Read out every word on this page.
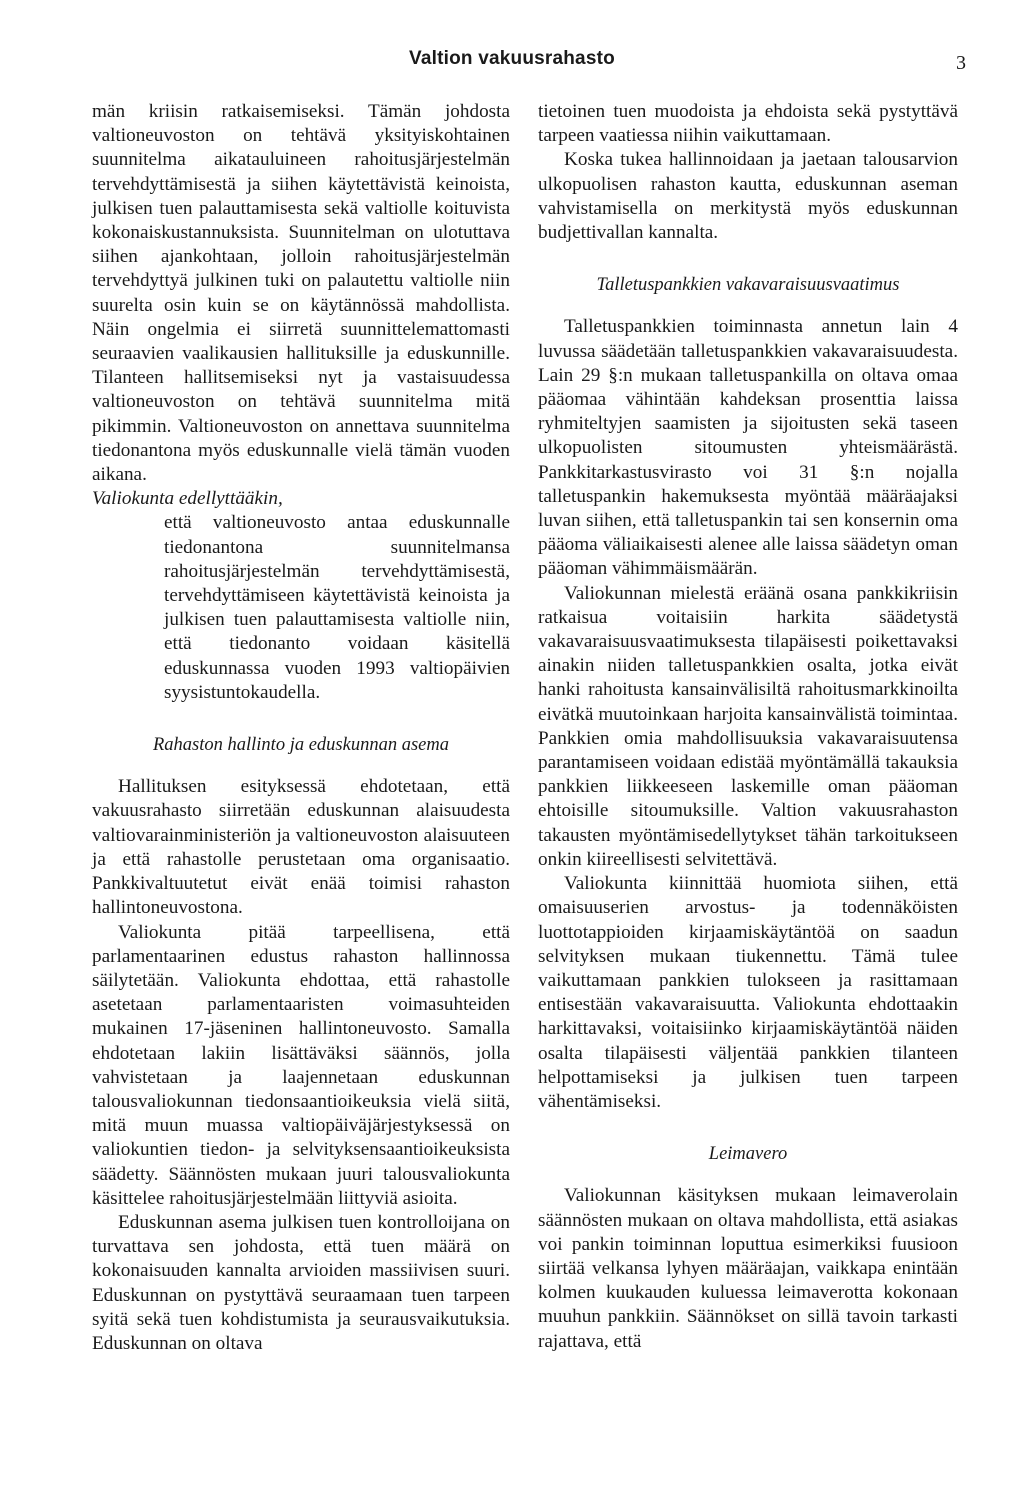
Valtion vakuusrahasto	3

män kriisin ratkaisemiseksi. Tämän johdosta valtioneuvoston on tehtävä yksityiskohtainen suunnitelma aikatauluineen rahoitusjärjestelmän tervehdyttämisestä ja siihen käytettävistä keinoista, julkisen tuen palauttamisesta sekä valtiolle koituvista kokonaiskustannuksista. Suunnitelman on ulotuttava siihen ajankohtaan, jolloin rahoitusjärjestelmän tervehdyttyä julkinen tuki on palautettu valtiolle niin suurelta osin kuin se on käytännössä mahdollista. Näin ongelmia ei siirretä suunnittelemattomasti seuraavien vaalikausien hallituksille ja eduskunnille. Tilanteen hallitsemiseksi nyt ja vastaisuudessa valtioneuvoston on tehtävä suunnitelma mitä pikimmin. Valtioneuvoston on annettava suunnitelma tiedonantona myös eduskunnalle vielä tämän vuoden aikana.

Valiokunta edellyttääkin,

että valtioneuvosto antaa eduskunnalle tiedonantona suunnitelmansa rahoitusjärjestelmän tervehdyttämisestä, tervehdyttämiseen käytettävistä keinoista ja julkisen tuen palauttamisesta valtiolle niin, että tiedonanto voidaan käsitellä eduskunnassa vuoden 1993 valtiopäivien syysistuntokaudella.

Rahaston hallinto ja eduskunnan asema

Hallituksen esityksessä ehdotetaan, että vakuusrahasto siirretään eduskunnan alaisuudesta valtiovarainministeriön ja valtioneuvoston alaisuuteen ja että rahastolle perustetaan oma organisaatio. Pankkivaltuutetut eivät enää toimisi rahaston hallintoneuvostona.

Valiokunta pitää tarpeellisena, että parlamentaarinen edustus rahaston hallinnossa säilytetään. Valiokunta ehdottaa, että rahastolle asetetaan parlamentaaristen voimasuhteiden mukainen 17-jäseninen hallintoneuvosto. Samalla ehdotetaan lakiin lisättäväksi säännös, jolla vahvistetaan ja laajennetaan eduskunnan talousvaliokunnan tiedonsaantioikeuksia vielä siitä, mitä muun muassa valtiopäiväjärjestyksessä on valiokuntien tiedon- ja selvityksensaantioikeuksista säädetty. Säännösten mukaan juuri talousvaliokunta käsittelee rahoitusjärjestelmään liittyviä asioita.

Eduskunnan asema julkisen tuen kontrolloijana on turvattava sen johdosta, että tuen määrä on kokonaisuuden kannalta arvioiden massiivisen suuri. Eduskunnan on pystyttävä seuraamaan tuen tarpeen syitä sekä tuen kohdistumista ja seurausvaikutuksia. Eduskunnan on oltava

tietoinen tuen muodoista ja ehdoista sekä pystyttävä tarpeen vaatiessa niihin vaikuttamaan.

Koska tukea hallinnoidaan ja jaetaan talousarvion ulkopuolisen rahaston kautta, eduskunnan aseman vahvistamisella on merkitystä myös eduskunnan budjettivallan kannalta.

Talletuspankkien vakavaraisuusvaatimus

Talletuspankkien toiminnasta annetun lain 4 luvussa säädetään talletuspankkien vakavaraisuudesta. Lain 29 §:n mukaan talletuspankilla on oltava omaa pääomaa vähintään kahdeksan prosenttia laissa ryhmiteltyjen saamisten ja sijoitusten sekä taseen ulkopuolisten sitoumusten yhteismäärästä. Pankkitarkastusvirasto voi 31 §:n nojalla talletuspankin hakemuksesta myöntää määräajaksi luvan siihen, että talletuspankin tai sen konsernin oma pääoma väliaikaisesti alenee alle laissa säädetyn oman pääoman vähimmäismäärän.

Valiokunnan mielestä eräänä osana pankkikriisin ratkaisua voitaisiin harkita säädetystä vakavaraisuusvaatimuksesta tilapäisesti poikettavaksi ainakin niiden talletuspankkien osalta, jotka eivät hanki rahoitusta kansainvälisiltä rahoitusmarkkinoilta eivätkä muutoinkaan harjoita kansainvälistä toimintaa. Pankkien omia mahdollisuuksia vakavaraisuutensa parantamiseen voidaan edistää myöntämällä takauksia pankkien liikkeeseen laskemille oman pääoman ehtoisille sitoumuksille. Valtion vakuusrahaston takausten myöntämisedellytykset tähän tarkoitukseen onkin kiireellisesti selvitettävä.

Valiokunta kiinnittää huomiota siihen, että omaisuuserien arvostus- ja todennäköisten luottotappioiden kirjaamiskäytäntöä on saadun selvityksen mukaan tiukennettu. Tämä tulee vaikuttamaan pankkien tulokseen ja rasittamaan entisestään vakavaraisuutta. Valiokunta ehdottaakin harkittavaksi, voitaisiinko kirjaamiskäytäntöä näiden osalta tilapäisesti väljentää pankkien tilanteen helpottamiseksi ja julkisen tuen tarpeen vähentämiseksi.

Leimavero

Valiokunnan käsityksen mukaan leimaverolain säännösten mukaan on oltava mahdollista, että asiakas voi pankin toiminnan loputtua esimerkiksi fuusioon siirtää velkansa lyhyen määräajan, vaikkapa enintään kolmen kuukauden kuluessa leimaverotta kokonaan muuhun pankkiin. Säännökset on sillä tavoin tarkasti rajattava, että
